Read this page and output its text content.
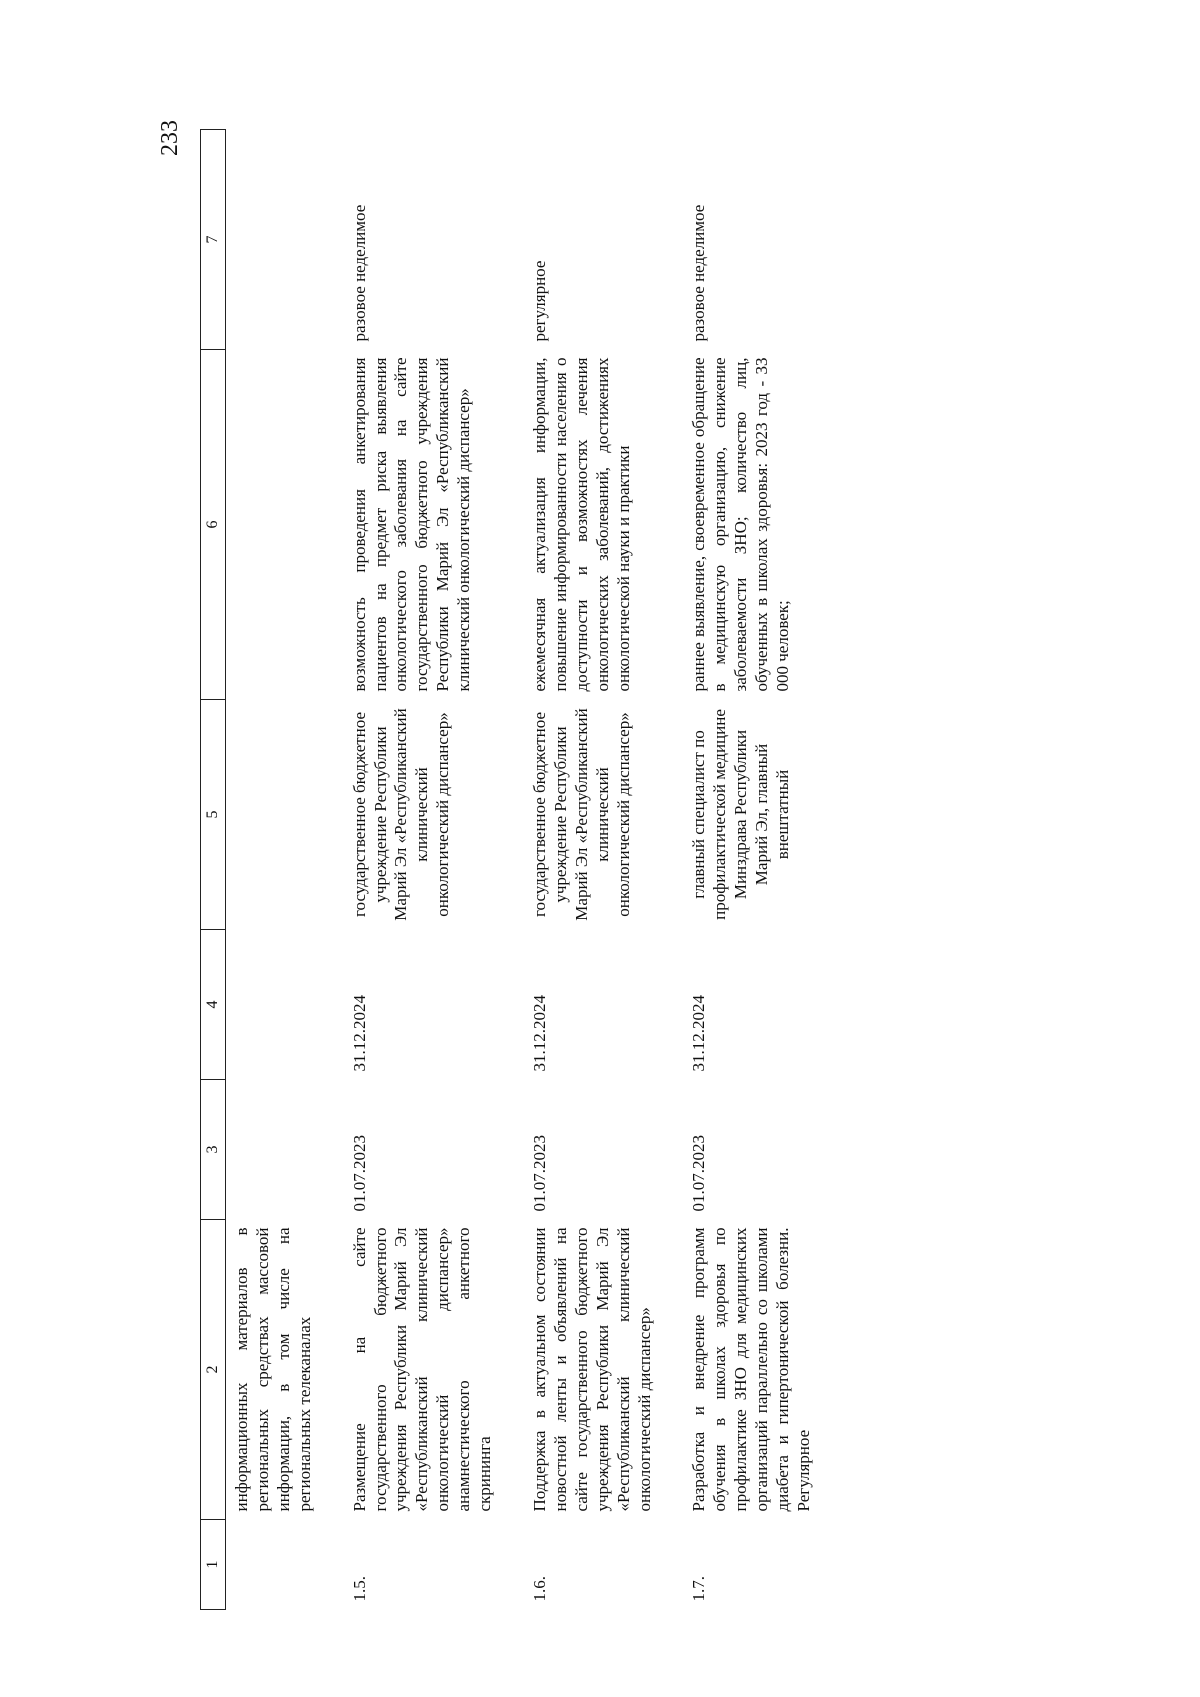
233
1	2	3	4	5	6	7
	информационных материалов в региональных средствах массовой информации, в том числе на региональных телеканалах					
1.5.	Размещение на сайте государственного бюджетного учреждения Республики Марий Эл «Республиканский клинический онкологический диспансер» анамнестического анкетного скрининга	01.07.2023	31.12.2024	государственное бюджетное учреждение Республики Марий Эл «Республиканский клинический онкологический диспансер»	возможность проведения анкетирования пациентов на предмет риска выявления онкологического заболевания на сайте государственного бюджетного учреждения Республики Марий Эл «Республиканский клинический онкологический диспансер»	разовое неделимое
1.6.	Поддержка в актуальном состоянии новостной ленты и объявлений на сайте государственного бюджетного учреждения Республики Марий Эл «Республиканский клинический онкологический диспансер»	01.07.2023	31.12.2024	государственное бюджетное учреждение Республики Марий Эл «Республиканский клинический онкологический диспансер»	ежемесячная актуализация информации, повышение информированности населения о доступности и возможностях лечения онкологических заболеваний, достижениях онкологической науки и практики	регулярное
1.7.	Разработка и внедрение программ обучения в школах здоровья по профилактике ЗНО для медицинских организаций параллельно со школами диабета и гипертонической болезни. Регулярное	01.07.2023	31.12.2024	главный специалист по профилактической медицине Минздрава Республики Марий Эл, главный внештатный	раннее выявление, своевременное обращение в медицинскую организацию, снижение заболеваемости ЗНО; количество лиц, обученных в школах здоровья: 2023 год - 33 000 человек;	разовое неделимое
